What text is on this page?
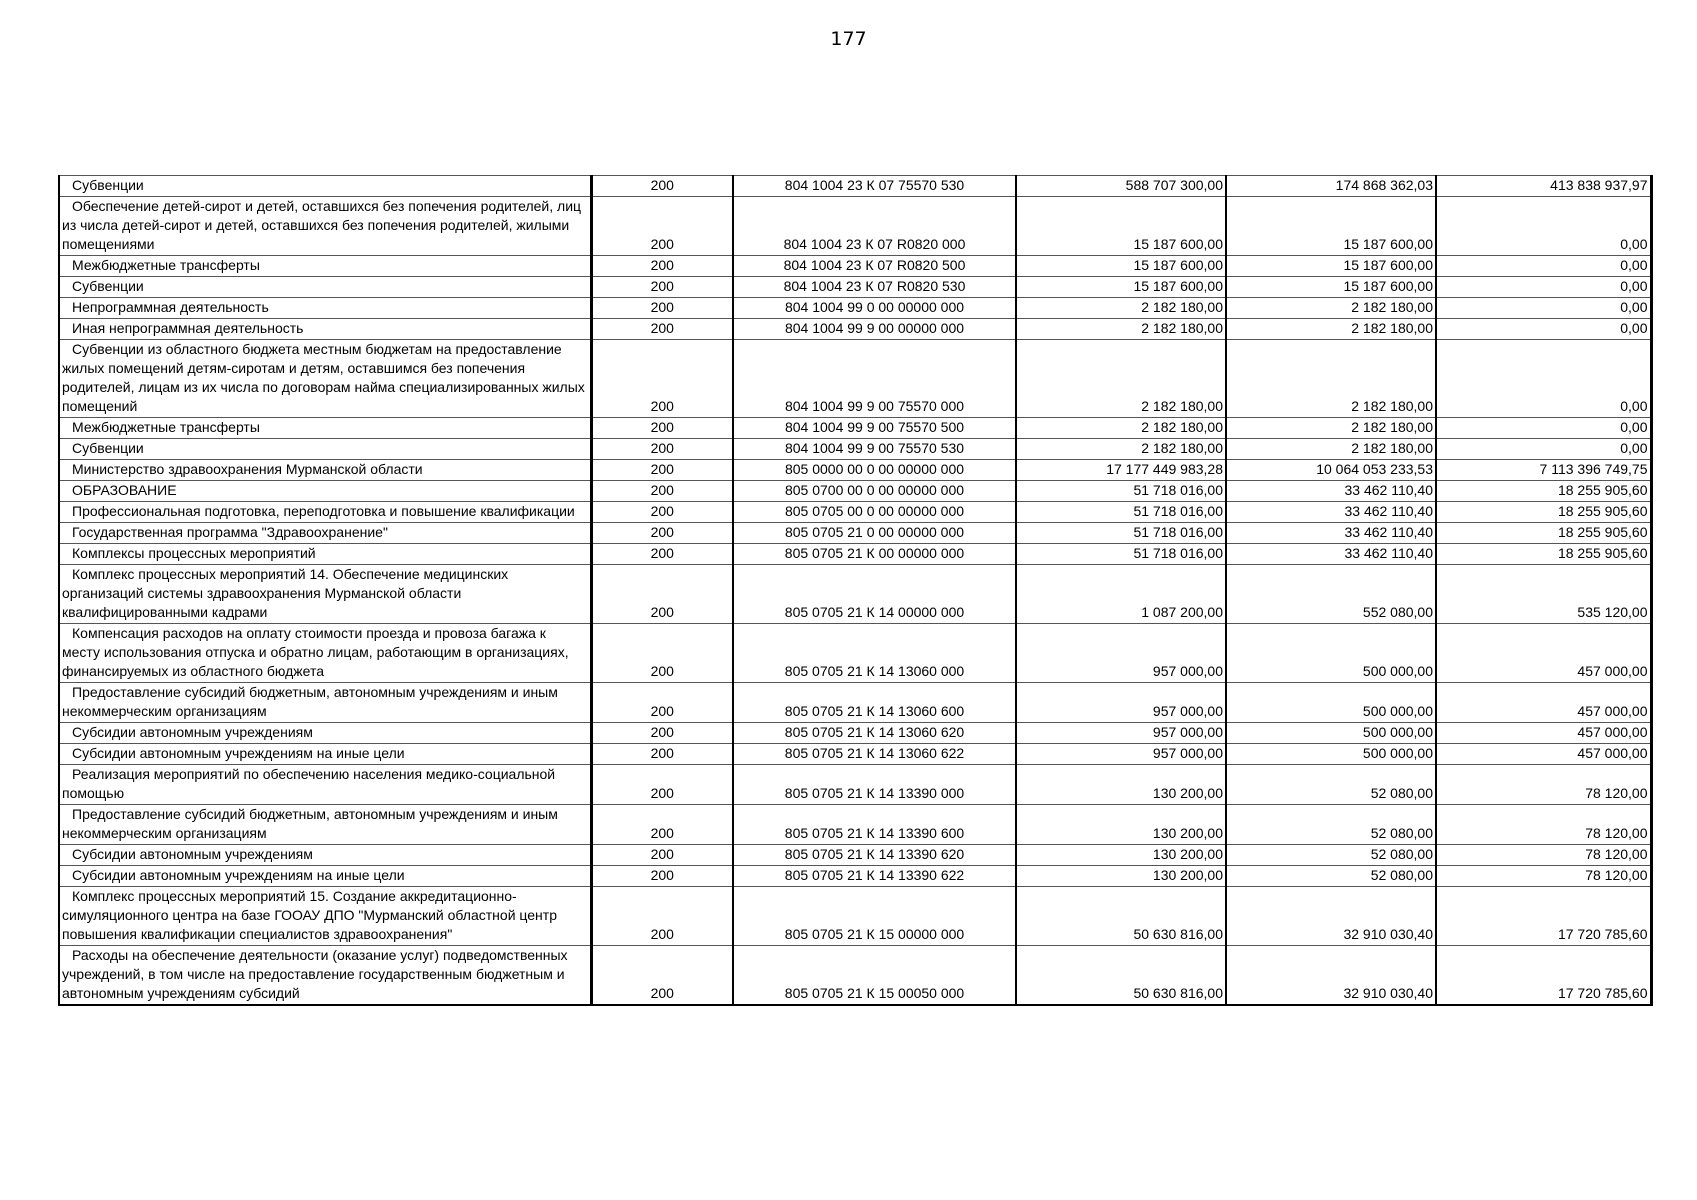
177
Субвенции	200	804 1004 23 К 07 75570 530	588 707 300,00	174 868 362,03	413 838 937,97
Обеспечение детей-сирот и детей, оставшихся без попечения родителей, лиц из числа детей-сирот и детей, оставшихся без попечения родителей, жилыми помещениями	200	804 1004 23 К 07 R0820 000	15 187 600,00	15 187 600,00	0,00
Межбюджетные трансферты	200	804 1004 23 К 07 R0820 500	15 187 600,00	15 187 600,00	0,00
Субвенции	200	804 1004 23 К 07 R0820 530	15 187 600,00	15 187 600,00	0,00
Непрограммная деятельность	200	804 1004 99 0 00 00000 000	2 182 180,00	2 182 180,00	0,00
Иная непрограммная деятельность	200	804 1004 99 9 00 00000 000	2 182 180,00	2 182 180,00	0,00
Субвенции из областного бюджета местным бюджетам на предоставление жилых помещений детям-сиротам и детям, оставшимся без попечения родителей, лицам из их числа по договорам найма специализированных жилых помещений	200	804 1004 99 9 00 75570 000	2 182 180,00	2 182 180,00	0,00
Межбюджетные трансферты	200	804 1004 99 9 00 75570 500	2 182 180,00	2 182 180,00	0,00
Субвенции	200	804 1004 99 9 00 75570 530	2 182 180,00	2 182 180,00	0,00
Министерство здравоохранения Мурманской области	200	805 0000 00 0 00 00000 000	17 177 449 983,28	10 064 053 233,53	7 113 396 749,75
ОБРАЗОВАНИЕ	200	805 0700 00 0 00 00000 000	51 718 016,00	33 462 110,40	18 255 905,60
Профессиональная подготовка, переподготовка и повышение квалификации	200	805 0705 00 0 00 00000 000	51 718 016,00	33 462 110,40	18 255 905,60
Государственная программа "Здравоохранение"	200	805 0705 21 0 00 00000 000	51 718 016,00	33 462 110,40	18 255 905,60
Комплексы процессных мероприятий	200	805 0705 21 К 00 00000 000	51 718 016,00	33 462 110,40	18 255 905,60
Комплекс процессных мероприятий 14. Обеспечение медицинских организаций системы здравоохранения Мурманской области квалифицированными кадрами	200	805 0705 21 К 14 00000 000	1 087 200,00	552 080,00	535 120,00
Компенсация расходов на оплату стоимости проезда и провоза багажа к месту использования отпуска и обратно лицам, работающим в организациях, финансируемых из областного бюджета	200	805 0705 21 К 14 13060 000	957 000,00	500 000,00	457 000,00
Предоставление субсидий бюджетным, автономным учреждениям и иным некоммерческим организациям	200	805 0705 21 К 14 13060 600	957 000,00	500 000,00	457 000,00
Субсидии автономным учреждениям	200	805 0705 21 К 14 13060 620	957 000,00	500 000,00	457 000,00
Субсидии автономным учреждениям на иные цели	200	805 0705 21 К 14 13060 622	957 000,00	500 000,00	457 000,00
Реализация мероприятий по обеспечению населения медико-социальной помощью	200	805 0705 21 К 14 13390 000	130 200,00	52 080,00	78 120,00
Предоставление субсидий бюджетным, автономным учреждениям и иным некоммерческим организациям	200	805 0705 21 К 14 13390 600	130 200,00	52 080,00	78 120,00
Субсидии автономным учреждениям	200	805 0705 21 К 14 13390 620	130 200,00	52 080,00	78 120,00
Субсидии автономным учреждениям на иные цели	200	805 0705 21 К 14 13390 622	130 200,00	52 080,00	78 120,00
Комплекс процессных мероприятий 15. Создание аккредитационно-симуляционного центра на базе ГООАУ ДПО "Мурманский областной центр повышения квалификации специалистов здравоохранения"	200	805 0705 21 К 15 00000 000	50 630 816,00	32 910 030,40	17 720 785,60
Расходы на обеспечение деятельности (оказание услуг) подведомственных учреждений, в том числе на предоставление государственным бюджетным и автономным учреждениям субсидий	200	805 0705 21 К 15 00050 000	50 630 816,00	32 910 030,40	17 720 785,60
